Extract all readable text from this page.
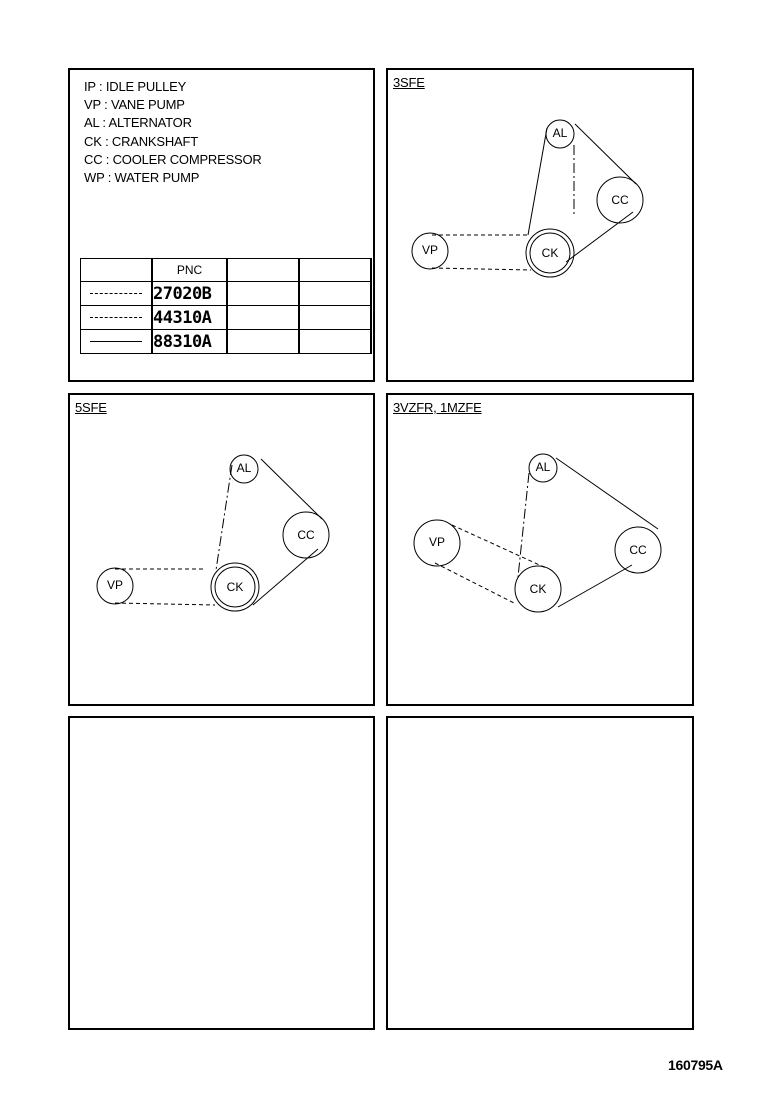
IP : IDLE PULLEY
VP : VANE PUMP
AL : ALTERNATOR
CK : CRANKSHAFT
CC : COOLER COMPRESSOR
WP : WATER PUMP
	PNC		

	27020B		

	44310A		

	88310A		
3SFE
AL
CC
VP	CK
5SFE
AL
CC
VP	CK
3VZFR, 1MZFE
AL
VP
CC
CK
160795A
